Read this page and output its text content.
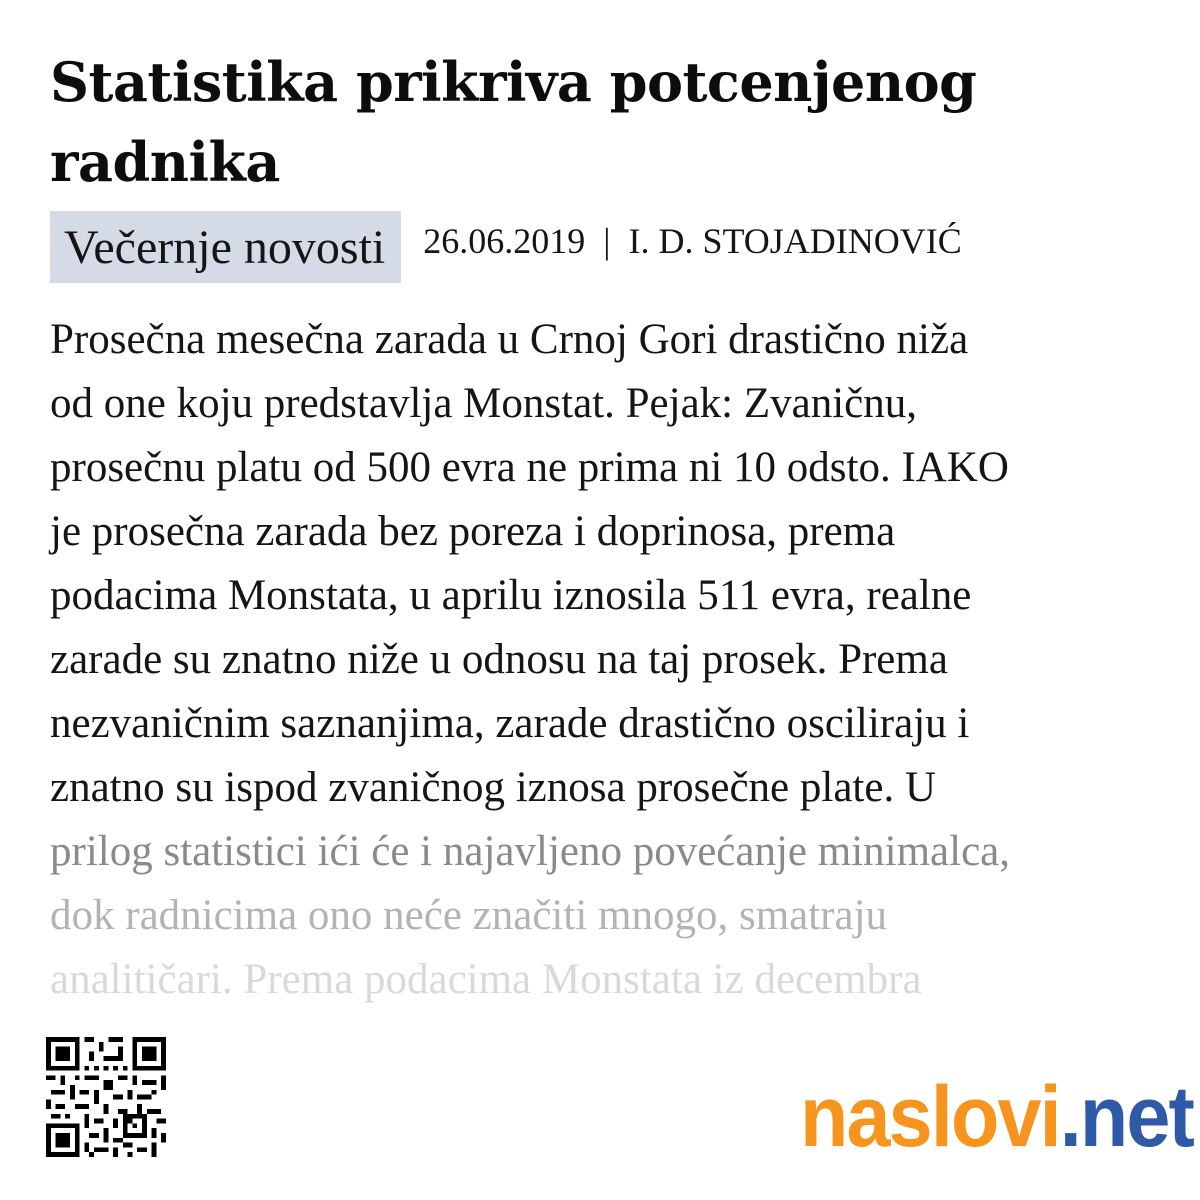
Statistika prikriva potcenjenog radnika
Večernje novosti	26.06.2019 | I. D. STOJADINOVIĆ
Prosečna mesečna zarada u Crnoj Gori drastično niža
od one koju predstavlja Monstat. Pejak: Zvaničnu,
prosečnu platu od 500 evra ne prima ni 10 odsto. IAKO
je prosečna zarada bez poreza i doprinosa, prema
podacima Monstata, u aprilu iznosila 511 evra, realne
zarade su znatno niže u odnosu na taj prosek. Prema
nezvaničnim saznanjima, zarade drastično osciliraju i
znatno su ispod zvaničnog iznosa prosečne plate. U
prilog statistici ići će i najavljeno povećanje minimalca,
dok radnicima ono neće značiti mnogo, smatraju
analitičari. Prema podacima Monstata iz decembra
naslovi.net
